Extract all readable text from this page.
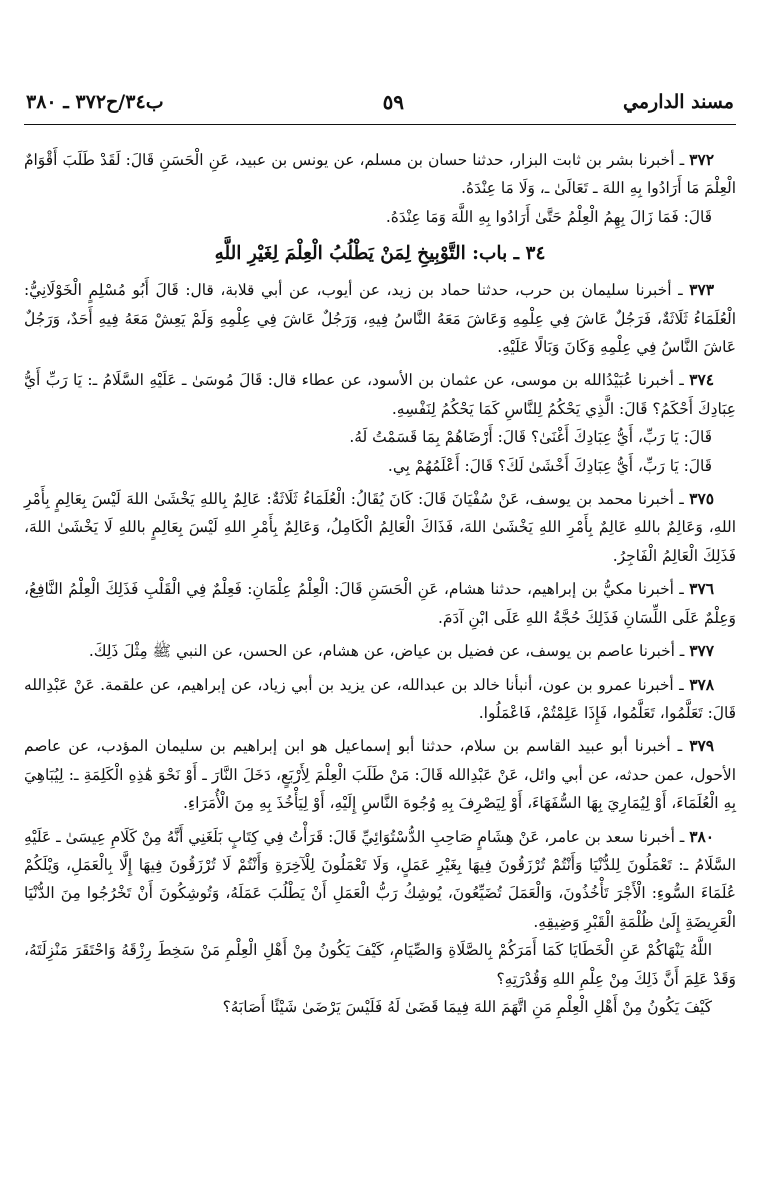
مسند الدارمي
٥٩
ب٣٤/ح٣٧٢ ـ ٣٨٠

٣٧٢ ـ أخبرنا بشر بن ثابت البزار، حدثنا حسان بن مسلم، عن يونس بن عبيد، عَنِ الْحَسَنِ قَالَ: لَقَدْ طَلَبَ أَقْوَامٌ الْعِلْمَ مَا أَرَادُوا بِهِ اللهَ ـ تَعَالَىٰ ـ، وَلَا مَا عِنْدَهُ.

قَالَ: فَمَا زَالَ بِهِمُ الْعِلْمُ حَتَّىٰ أَرَادُوا بِهِ اللَّهَ وَمَا عِنْدَهُ.

٣٤ ـ باب: التَّوْبِيخِ لِمَنْ يَطْلُبُ الْعِلْمَ لِغَيْرِ اللَّهِ

٣٧٣ ـ أخبرنا سليمان بن حرب، حدثنا حماد بن زيد، عن أيوب، عن أبي قلابة، قال: قَالَ أَبُو مُسْلِمٍ الْخَوْلَانِيُّ: الْعُلَمَاءُ ثَلَاثَةٌ، فَرَجُلٌ عَاشَ فِي عِلْمِهِ وَعَاشَ مَعَهُ النَّاسُ فِيهِ، وَرَجُلٌ عَاشَ فِي عِلْمِهِ وَلَمْ يَعِشْ مَعَهُ فِيهِ أَحَدٌ، وَرَجُلٌ عَاشَ النَّاسُ فِي عِلْمِهِ وَكَانَ وَبَالًا عَلَيْهِ.

٣٧٤ ـ أخبرنا عُبَيْدُالله بن موسى، عن عثمان بن الأسود، عن عطاء قال: قَالَ مُوسَىٰ ـ عَلَيْهِ السَّلَامُ ـ: يَا رَبِّ أَيُّ عِبَادِكَ أَحْكَمُ؟ قَالَ: الَّذِي يَحْكُمُ لِلنَّاسِ كَمَا يَحْكُمُ لِنَفْسِهِ.

قَالَ: يَا رَبِّ، أَيُّ عِبَادِكَ أَغْنَىٰ؟ قَالَ: أَرْضَاهُمْ بِمَا قَسَمْتُ لَهُ.

قَالَ: يَا رَبِّ، أَيُّ عِبَادِكَ أَخْشَىٰ لَكَ؟ قَالَ: أَعْلَمُهُمْ بِي.

٣٧٥ ـ أخبرنا محمد بن يوسف، عَنْ سُفْيَانَ قَالَ: كَانَ يُقَالُ: الْعُلَمَاءُ ثَلَاثَةٌ: عَالِمٌ بِاللهِ يَخْشَىٰ اللهَ لَيْسَ بِعَالِمٍ بِأَمْرِ اللهِ، وَعَالِمٌ باللهِ عَالِمٌ بِأَمْرِ اللهِ يَخْشَىٰ اللهَ، فَذَاكَ الْعَالِمُ الْكَامِلُ، وَعَالِمٌ بِأَمْرِ اللهِ لَيْسَ بِعَالِمٍ باللهِ لَا يَخْشَىٰ اللهَ، فَذَلِكَ الْعَالِمُ الْفَاجِرُ.

٣٧٦ ـ أخبرنا مكيُّ بن إبراهيم، حدثنا هشام، عَنِ الْحَسَنِ قَالَ: الْعِلْمُ عِلْمَانِ: فَعِلْمٌ فِي الْقَلْبِ فَذَلِكَ الْعِلْمُ النَّافِعُ، وَعِلْمٌ عَلَى اللِّسَانِ فَذَلِكَ حُجَّةُ اللهِ عَلَى ابْنِ آدَمَ.

٣٧٧ ـ أخبرنا عاصم بن يوسف، عن فضيل بن عياض، عن هشام، عن الحسن، عن النبي ﷺ مِثْلَ ذَلِكَ.

٣٧٨ ـ أخبرنا عمرو بن عون، أنبأنا خالد بن عبدالله، عن يزيد بن أبي زياد، عن إبراهيم، عن علقمة. عَنْ عَبْدِالله قَالَ: تَعَلَّمُوا، تَعَلَّمُوا، فَإِذَا عَلِمْتُمْ، فَاعْمَلُوا.

٣٧٩ ـ أخبرنا أبو عبيد القاسم بن سلام، حدثنا أبو إسماعيل هو ابن إبراهيم بن سليمان المؤدب، عن عاصم الأحول، عمن حدثه، عن أبي وائل، عَنْ عَبْدِالله قَالَ: مَنْ طَلَبَ الْعِلْمَ لِأَرْبَعٍ، دَخَلَ النَّارَ ـ أَوْ نَحْوَ هَٰذِهِ الْكَلِمَةِ ـ: لِيُبَاهِيَ بِهِ الْعُلَمَاءَ، أَوْ لِيُمَارِيَ بِهَا السُّفَهَاءَ، أَوْ لِيَصْرِفَ بِهِ وُجُوهَ النَّاسِ إِلَيْهِ، أَوْ لِيَأْخُذَ بِهِ مِنَ الْأُمَرَاءِ.

٣٨٠ ـ أخبرنا سعد بن عامر، عَنْ هِشَامٍ صَاحِبِ الدُّسْتُوَائِيِّ قَالَ: قَرَأْتُ فِي كِتَابٍ بَلَغَنِي أَنَّهُ مِنْ كَلَامِ عِيسَىٰ ـ عَلَيْهِ السَّلَامُ ـ: تَعْمَلُونَ لِلدُّنْيَا وَأَنْتُمْ تُرْزَقُونَ فِيهَا بِغَيْرِ عَمَلٍ، وَلَا تَعْمَلُونَ لِلْآخِرَةِ وَأَنْتُمْ لَا تُرْزَقُونَ فِيهَا إِلَّا بِالْعَمَلِ، وَيْلَكُمْ عُلَمَاءَ السُّوءِ: الْأَجْرَ تَأْخُذُونَ، وَالْعَمَلَ تُضَيِّعُونَ، يُوشِكُ رَبُّ الْعَمَلِ أَنْ يَطْلُبَ عَمَلَهُ، وَتُوشِكُونَ أَنْ تَخْرُجُوا مِنَ الدُّنْيَا الْعَرِيضَةِ إِلَىٰ ظُلْمَةِ الْقَبْرِ وَضِيقِهِ.

اللَّهُ يَنْهَاكُمْ عَنِ الْخَطَايَا كَمَا أَمَرَكُمْ بِالصَّلَاةِ وَالصِّيَامِ، كَيْفَ يَكُونُ مِنْ أَهْلِ الْعِلْمِ مَنْ سَخِطَ رِزْقَهُ وَاحْتَقَرَ مَنْزِلَتَهُ، وَقَدْ عَلِمَ أَنَّ ذَلِكَ مِنْ عِلْمِ اللهِ وَقُدْرَتِهِ؟

كَيْفَ يَكُونُ مِنْ أَهْلِ الْعِلْمِ مَنِ اتَّهَمَ اللهَ فِيمَا قَضَىٰ لَهُ فَلَيْسَ يَرْضَىٰ شَيْئًا أَصَابَهُ؟
